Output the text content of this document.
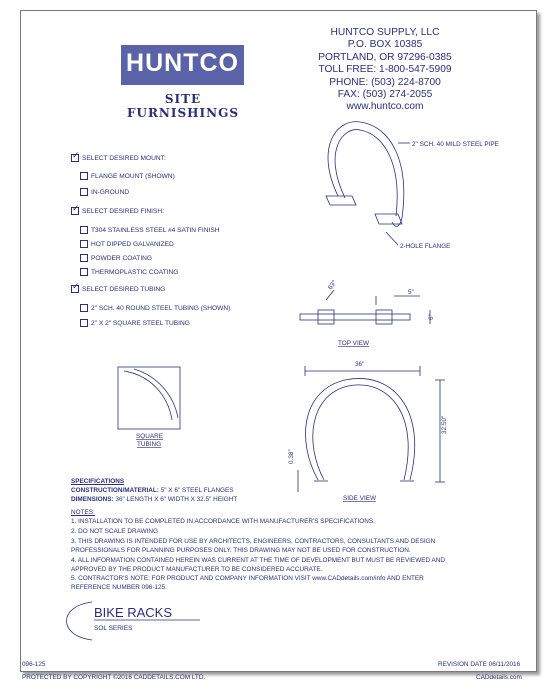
HUNTCO
SITE FURNISHINGS
HUNTCO SUPPLY, LLC
P.O. BOX 10385
PORTLAND, OR 97296-0385
TOLL FREE: 1-800-547-5909
PHONE: (503) 224-8700
FAX: (503) 274-2055
www.huntco.com
✓
SELECT DESIRED MOUNT:
FLANGE MOUNT (SHOWN)
IN-GROUND
✓
SELECT DESIRED FINISH:
T304 STAINLESS STEEL #4 SATIN FINISH
HOT DIPPED GALVANIZED
POWDER COATING
THERMOPLASTIC COATING
✓
SELECT DESIRED TUBING
2" SCH. 40 ROUND STEEL TUBING (SHOWN)
2" X 2" SQUARE STEEL TUBING
2" SCH. 40 MILD STEEL PIPE
2-HOLE FLANGE
63°
5"
6"
TOP VIEW
36"
32.50"
0.38"
SIDE VIEW
SQUARE
TUBING
SPECIFICATIONS
CONSTRUCTION/MATERIAL: 5" X 6" STEEL FLANGES
DIMENSIONS: 36" LENGTH X 6" WIDTH X 32.5" HEIGHT
NOTES:
1. INSTALLATION TO BE COMPLETED IN ACCORDANCE WITH MANUFACTURER'S SPECIFICATIONS.
2. DO NOT SCALE DRAWING
3. THIS DRAWING IS INTENDED FOR USE BY ARCHITECTS, ENGINEERS, CONTRACTORS, CONSULTANTS AND DESIGN
PROFESSIONALS FOR PLANNING PURPOSES ONLY. THIS DRAWING MAY NOT BE USED FOR CONSTRUCTION.
4. ALL INFORMATION CONTAINED HEREIN WAS CURRENT AT THE TIME OF DEVELOPMENT BUT MUST BE REVIEWED AND
APPROVED BY THE PRODUCT MANUFACTURER TO BE CONSIDERED ACCURATE.
5. CONTRACTOR'S NOTE: FOR PRODUCT AND COMPANY INFORMATION VISIT www.CADdetails.com/info AND ENTER
REFERENCE NUMBER 096-125.
BIKE RACKS
SOL SERIES
096-125	REVISION DATE 06/11/2016
PROTECTED BY COPYRIGHT ©2016 CADDETAILS.COM LTD.	CADdetails.com
